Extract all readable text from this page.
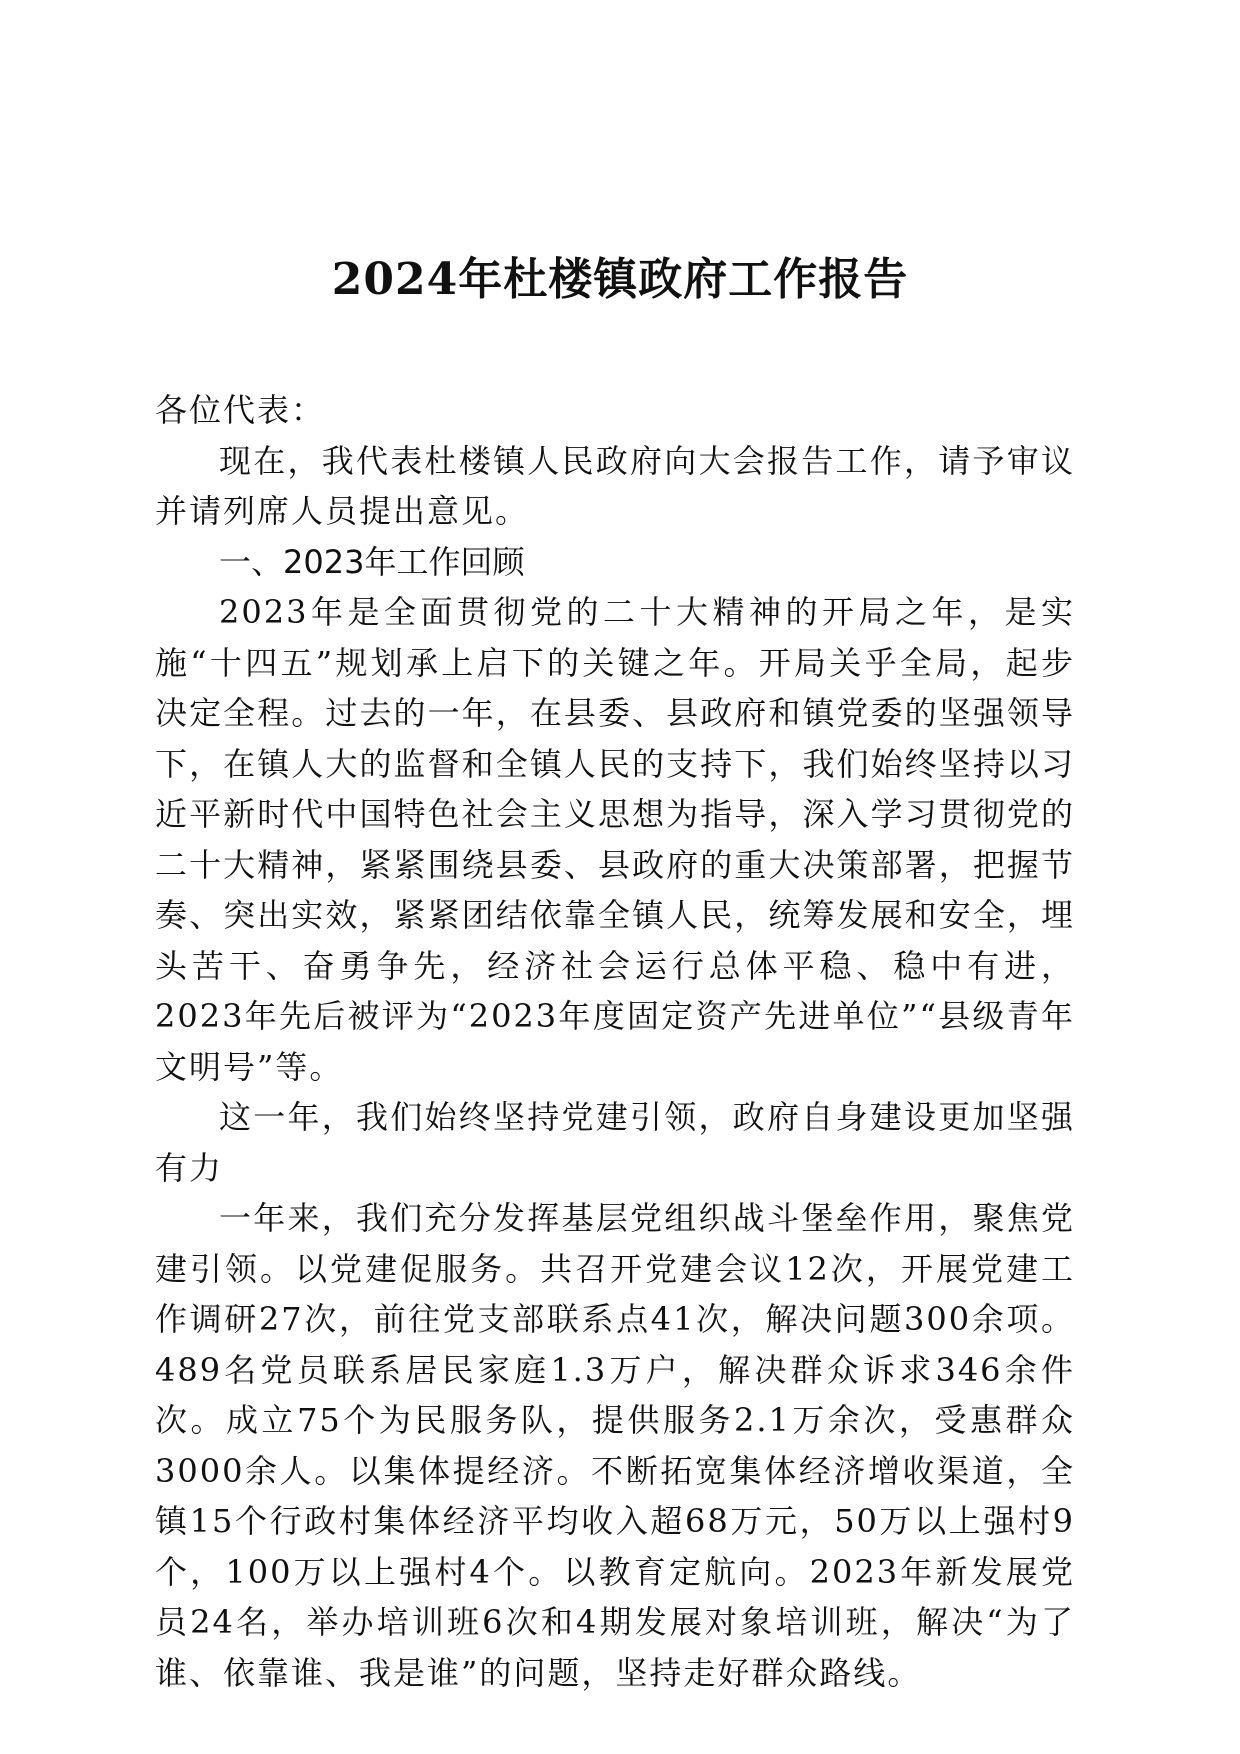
2024年杜楼镇政府工作报告

各位代表：

现在，我代表杜楼镇人民政府向大会报告工作，请予审议并请列席人员提出意见。

一、2023年工作回顾

2023年是全面贯彻党的二十大精神的开局之年，是实施“十四五”规划承上启下的关键之年。开局关乎全局，起步决定全程。过去的一年，在县委、县政府和镇党委的坚强领导下，在镇人大的监督和全镇人民的支持下，我们始终坚持以习近平新时代中国特色社会主义思想为指导，深入学习贯彻党的二十大精神，紧紧围绕县委、县政府的重大决策部署，把握节奏、突出实效，紧紧团结依靠全镇人民，统筹发展和安全，埋头苦干、奋勇争先，经济社会运行总体平稳、稳中有进，2023年先后被评为“2023年度固定资产先进单位”“县级青年文明号”等。

这一年，我们始终坚持党建引领，政府自身建设更加坚强有力

一年来，我们充分发挥基层党组织战斗堡垒作用，聚焦党建引领。以党建促服务。共召开党建会议12次，开展党建工作调研27次，前往党支部联系点41次，解决问题300余项。489名党员联系居民家庭1.3万户，解决群众诉求346余件次。成立75个为民服务队，提供服务2.1万余次，受惠群众3000余人。以集体提经济。不断拓宽集体经济增收渠道，全镇15个行政村集体经济平均收入超68万元，50万以上强村9个，100万以上强村4个。以教育定航向。2023年新发展党员24名，举办培训班6次和4期发展对象培训班，解决“为了谁、依靠谁、我是谁”的问题，坚持走好群众路线。
